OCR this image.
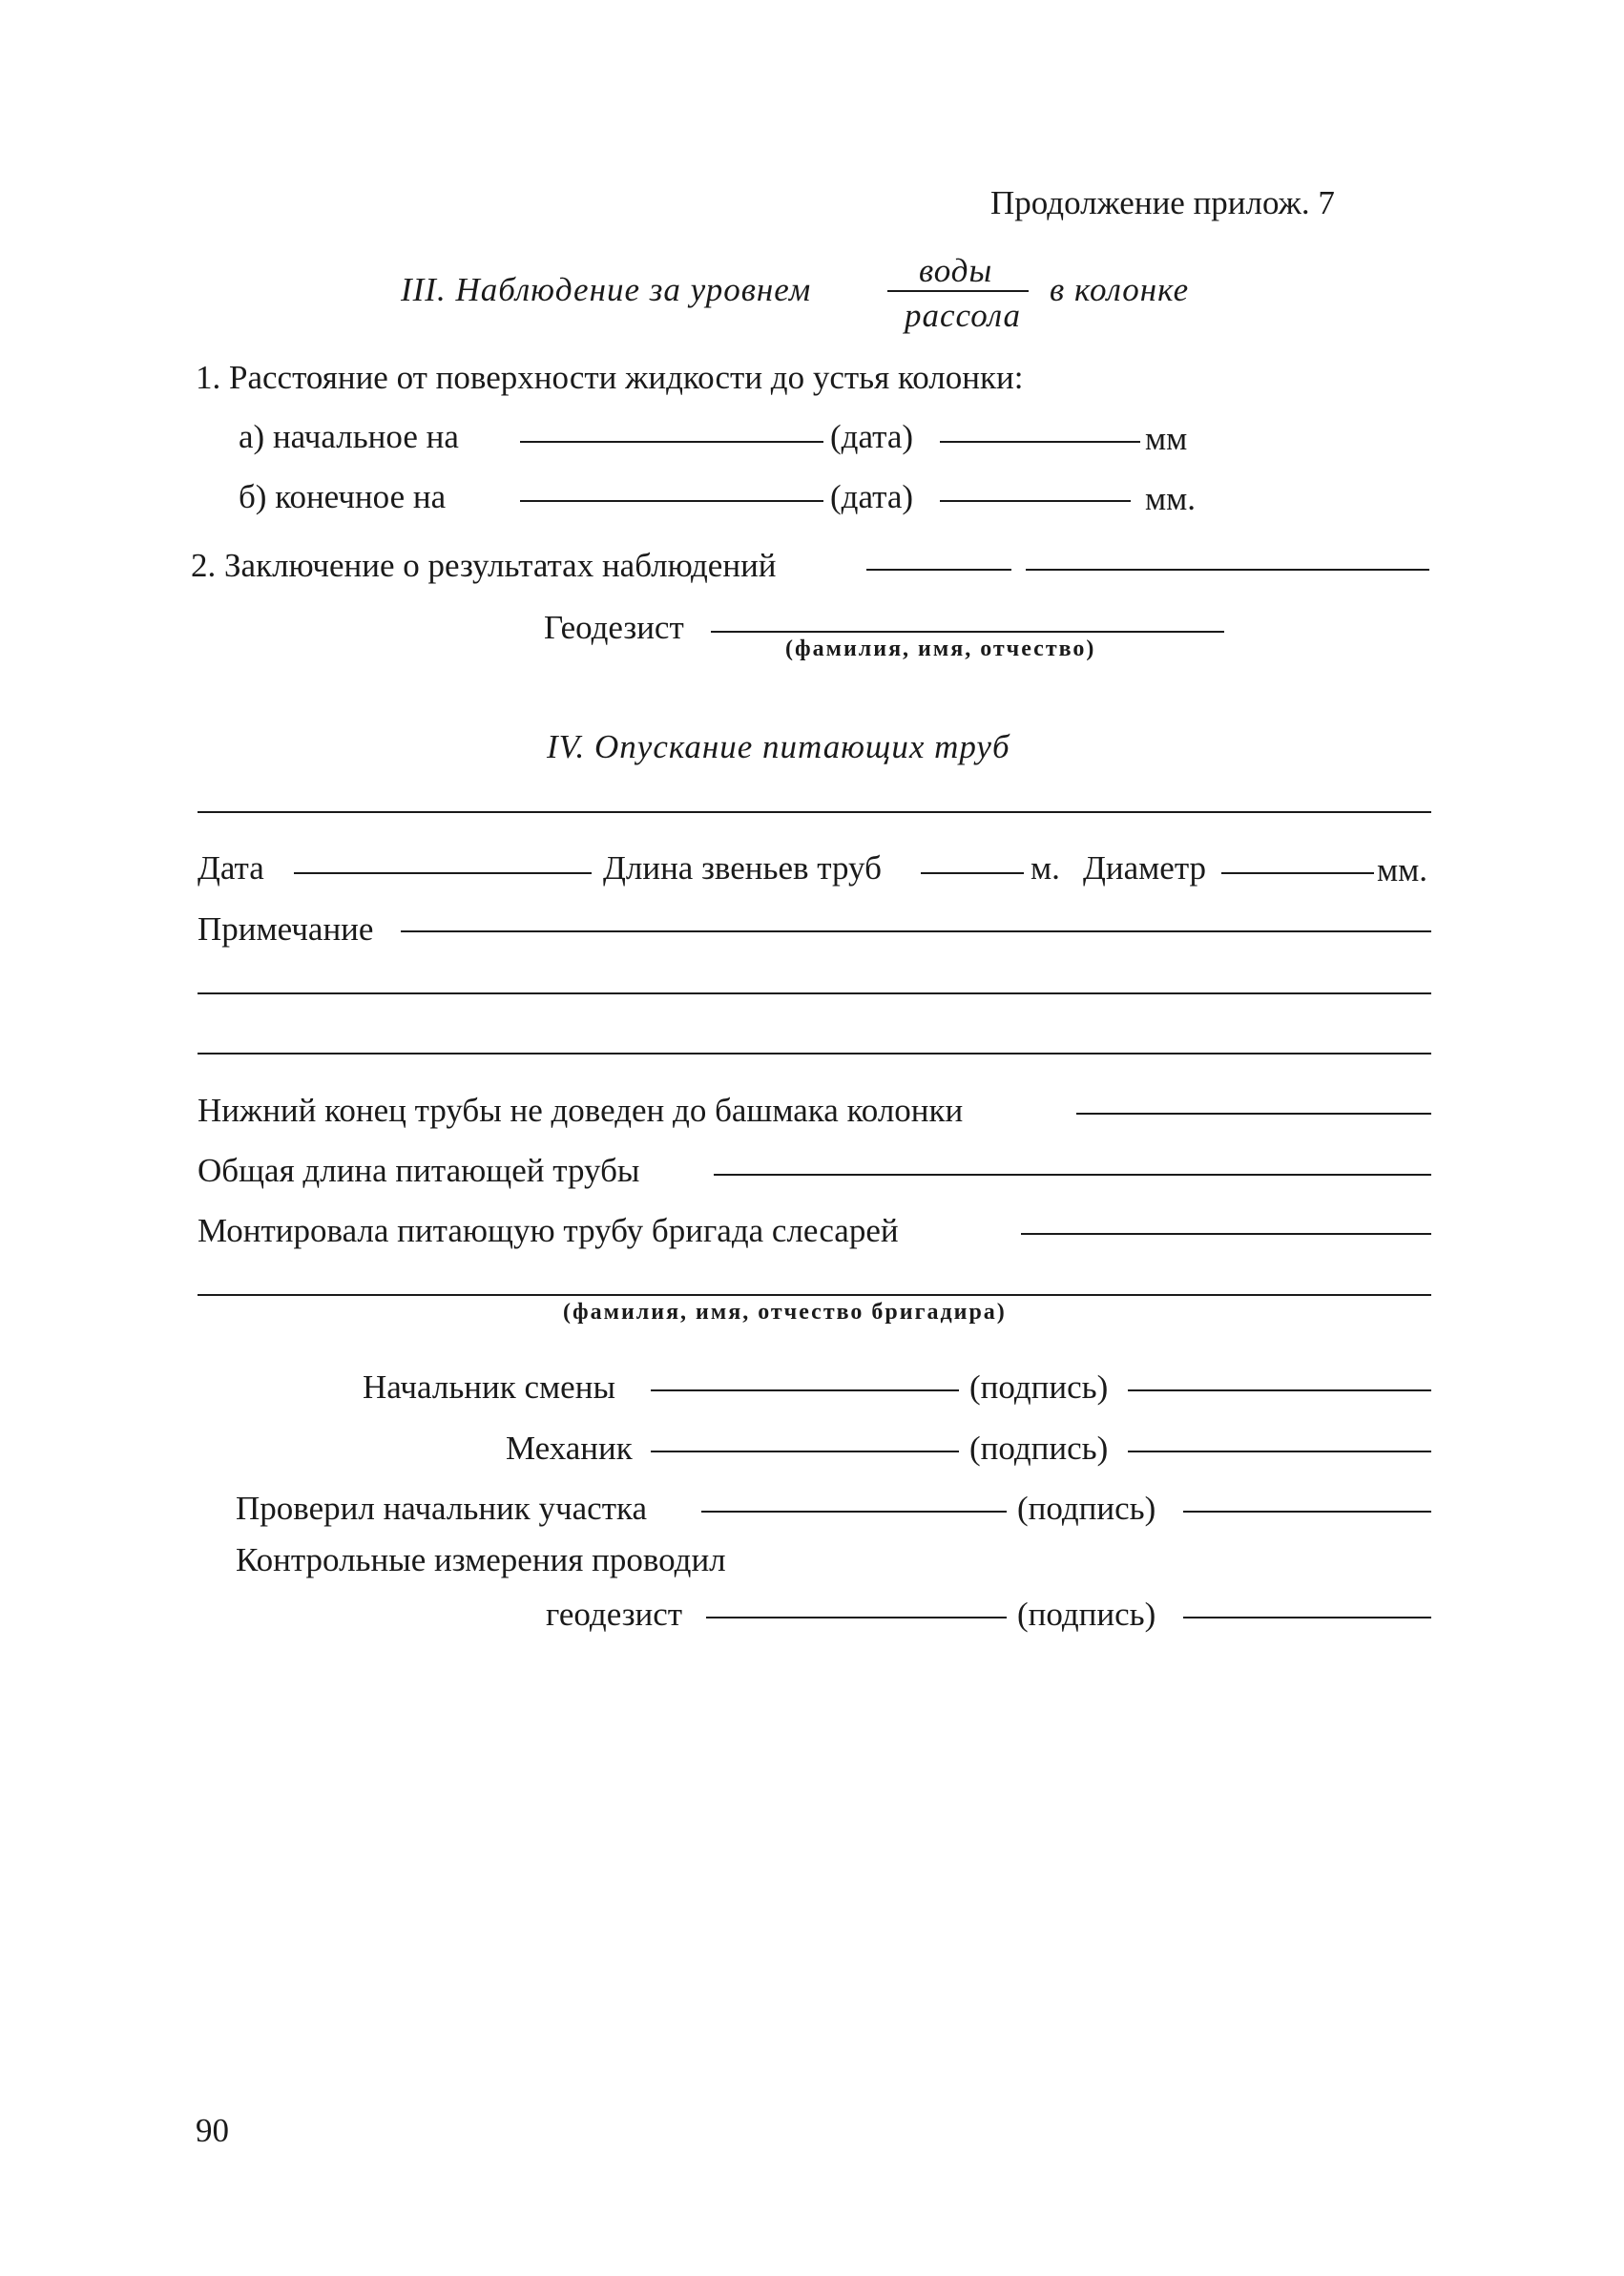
Продолжение прилож. 7
III. Наблюдение за уровнем
воды
рассола
в колонке
1. Расстояние от поверхности жидкости до устья колонки:
а) начальное на	(дата)	мм
б) конечное на	(дата)	мм.
2. Заключение о результатах наблюдений
Геодезист
(фамилия, имя, отчество)
IV. Опускание питающих труб
Дата	Длина звеньев труб	м. Диаметр	мм.
Примечание
Нижний конец трубы не доведен до башмака колонки
Общая длина питающей трубы
Монтировала питающую трубу бригада слесарей
(фамилия, имя, отчество бригадира)
Начальник смены	(подпись)
Механик	(подпись)
Проверил начальник участка	(подпись)
Контрольные измерения проводил
геодезист	(подпись)
90
